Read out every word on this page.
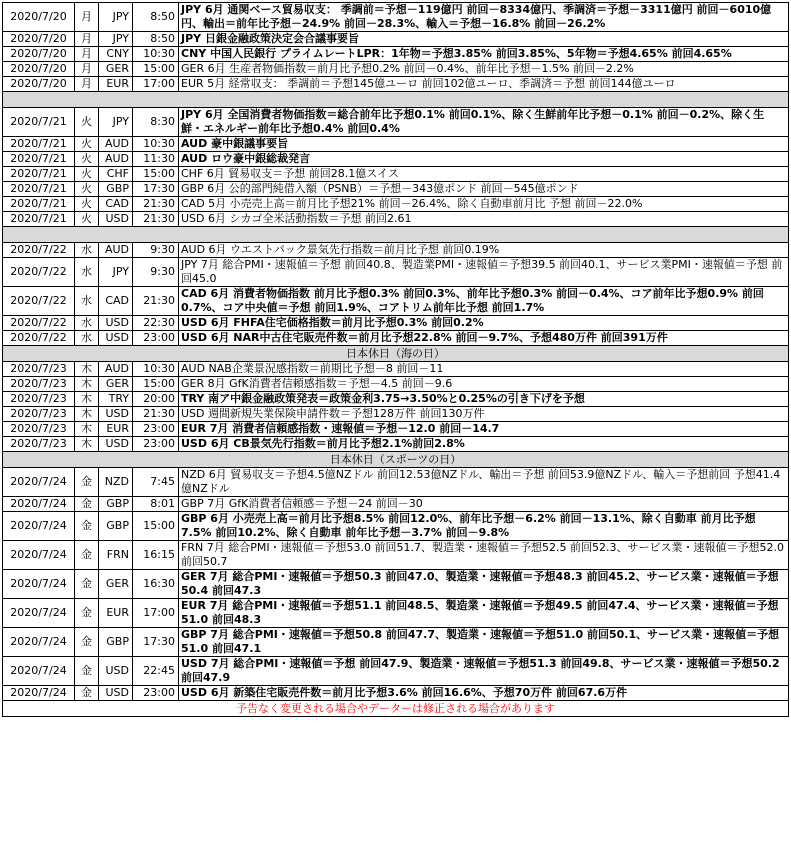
2020/7/20	月	JPY	8:50	JPY 6月 通関ベース貿易収支： 季調前＝予想－119億円 前回－8334億円、季調済＝予想－3311億円 前回－6010億円、輸出＝前年比予想－24.9% 前回－28.3%、輸入＝予想－16.8% 前回－26.2%
2020/7/20	月	JPY	8:50	JPY 日銀金融政策決定会合議事要旨
2020/7/20	月	CNY	10:30	CNY 中国人民銀行 プライムレートLPR：1年物＝予想3.85% 前回3.85%、5年物＝予想4.65% 前回4.65%
2020/7/20	月	GER	15:00	GER 6月 生産者物価指数＝前月比予想0.2% 前回－0.4%、前年比予想－1.5% 前回－2.2%
2020/7/20	月	EUR	17:00	EUR 5月 経常収支： 季調前＝予想145億ユーロ 前回102億ユーロ、季調済＝予想 前回144億ユーロ

2020/7/21	火	JPY	8:30	JPY 6月 全国消費者物価指数＝総合前年比予想0.1% 前回0.1%、除く生鮮前年比予想－0.1% 前回－0.2%、除く生鮮・エネルギー前年比予想0.4% 前回0.4%
2020/7/21	火	AUD	10:30	AUD 豪中銀議事要旨
2020/7/21	火	AUD	11:30	AUD ロウ豪中銀総裁発言
2020/7/21	火	CHF	15:00	CHF 6月 貿易収支＝予想 前回28.1億スイス
2020/7/21	火	GBP	17:30	GBP 6月 公的部門純借入額（PSNB）＝予想－343億ポンド 前回－545億ポンド
2020/7/21	火	CAD	21:30	CAD 5月 小売売上高＝前月比予想21% 前回－26.4%、除く自動車前月比 予想 前回－22.0%
2020/7/21	火	USD	21:30	USD 6月 シカゴ全米活動指数＝予想 前回2.61

2020/7/22	水	AUD	9:30	AUD 6月 ウエストパック景気先行指数＝前月比予想 前回0.19%
2020/7/22	水	JPY	9:30	JPY 7月 総合PMI・速報値＝予想 前回40.8、製造業PMI・速報値＝予想39.5 前回40.1、サービス業PMI・速報値＝予想 前回45.0
2020/7/22	水	CAD	21:30	CAD 6月 消費者物価指数 前月比予想0.3% 前回0.3%、前年比予想0.3% 前回－0.4%、コア前年比予想0.9% 前回0.7%、コア中央値＝予想 前回1.9%、コアトリム前年比予想 前回1.7%
2020/7/22	水	USD	22:30	USD 6月 FHFA住宅価格指数＝前月比予想0.3% 前回0.2%
2020/7/22	水	USD	23:00	USD 6月 NAR中古住宅販売件数＝前月比予想22.8% 前回－9.7%、予想480万件 前回391万件
日本休日（海の日）				
2020/7/23	木	AUD	10:30	AUD NAB企業景況感指数＝前期比予想－8 前回－11
2020/7/23	木	GER	15:00	GER 8月 GfK消費者信頼感指数＝予想－4.5 前回－9.6
2020/7/23	木	TRY	20:00	TRY 南ア中銀金融政策発表＝政策金利3.75→3.50%と0.25%の引き下げを予想
2020/7/23	木	USD	21:30	USD 週間新規失業保険申請件数＝予想128万件 前回130万件
2020/7/23	木	EUR	23:00	EUR 7月 消費者信頼感指数・速報値＝予想－12.0 前回－14.7
2020/7/23	木	USD	23:00	USD 6月 CB景気先行指数＝前月比予想2.1%前回2.8%
日本休日（スポーツの日）				
2020/7/24	金	NZD	7:45	NZD 6月 貿易収支＝予想4.5億NZドル 前回12.53億NZドル、輸出＝予想 前回53.9億NZドル、輸入＝予想前回 予想41.4億NZドル
2020/7/24	金	GBP	8:01	GBP 7月 GfK消費者信頼感＝予想－24 前回－30
2020/7/24	金	GBP	15:00	GBP 6月 小売売上高＝前月比予想8.5% 前回12.0%、前年比予想－6.2% 前回－13.1%、除く自動車 前月比予想7.5% 前回10.2%、除く自動車 前年比予想－3.7% 前回－9.8%
2020/7/24	金	FRN	16:15	FRN 7月 総合PMI・速報値＝予想53.0 前回51.7、製造業・速報値＝予想52.5 前回52.3、サービス業・速報値＝予想52.0 前回50.7
2020/7/24	金	GER	16:30	GER 7月 総合PMI・速報値＝予想50.3 前回47.0、製造業・速報値＝予想48.3 前回45.2、サービス業・速報値＝予想50.4 前回47.3
2020/7/24	金	EUR	17:00	EUR 7月 総合PMI・速報値＝予想51.1 前回48.5、製造業・速報値＝予想49.5 前回47.4、サービス業・速報値＝予想51.0 前回48.3
2020/7/24	金	GBP	17:30	GBP 7月 総合PMI・速報値＝予想50.8 前回47.7、製造業・速報値＝予想51.0 前回50.1、サービス業・速報値＝予想51.0 前回47.1
2020/7/24	金	USD	22:45	USD 7月 総合PMI・速報値＝予想 前回47.9、製造業・速報値＝予想51.3 前回49.8、サービス業・速報値＝予想50.2 前回47.9
2020/7/24	金	USD	23:00	USD 6月 新築住宅販売件数＝前月比予想3.6% 前回16.6%、予想70万件 前回67.6万件
予告なく変更される場合やデーターは修正される場合があります				
